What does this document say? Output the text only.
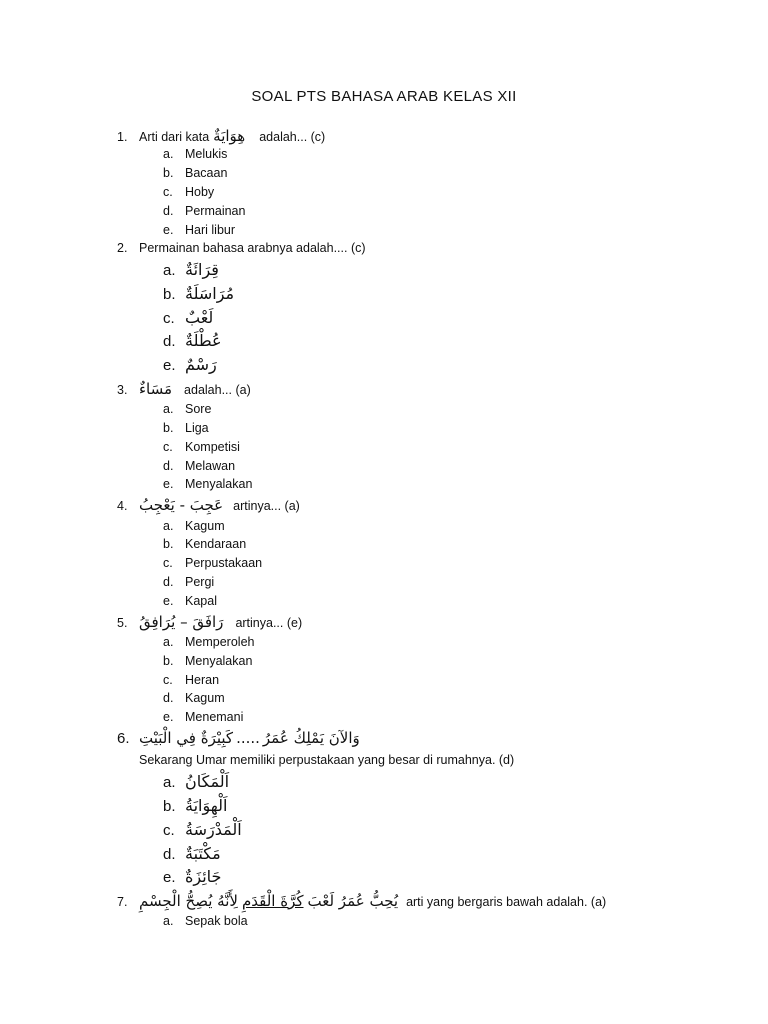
SOAL PTS BAHASA ARAB KELAS XII
1. Arti dari kata هِوَايَةٌ adalah... (c)
a. Melukis
b. Bacaan
c. Hoby
d. Permainan
e. Hari libur
2. Permainan bahasa arabnya adalah.... (c)
a. قِرَائَةٌ
b. مُرَاسَلَةٌ
c. لَعْبٌ
d. عُطْلَةٌ
e. رَسْمٌ
3. مَسَاءٌ adalah... (a)
a. Sore
b. Liga
c. Kompetisi
d. Melawan
e. Menyalakan
4. عَجِبَ - يَعْجِبُ artinya... (a)
a. Kagum
b. Kendaraan
c. Perpustakaan
d. Pergi
e. Kapal
5. رَافَقَ – يُرَافِقُ artinya... (e)
a. Memperoleh
b. Menyalakan
c. Heran
d. Kagum
e. Menemani
6.	وَالآنَ يَمْلِكُ عُمَرُ
.....
كَبِيْرَةٌ فِي الْبَيْتِ
Sekarang Umar memiliki perpustakaan yang besar di rumahnya. (d)
a. اَلْمَكَانُ
b. اَلْهِوَايَةُ
c. اَلْمَدْرَسَةُ
d. مَكْتَبَةٌ
e. جَائِزَةٌ
7.	يُحِبُّ عُمَرُ لَعْبَ
كُرَّةَ الْقَدَمِ
لِأَنَّهُ يُصِحُّ الْجِسْمِ	arti yang bergaris bawah adalah. (a)
a. Sepak bola
